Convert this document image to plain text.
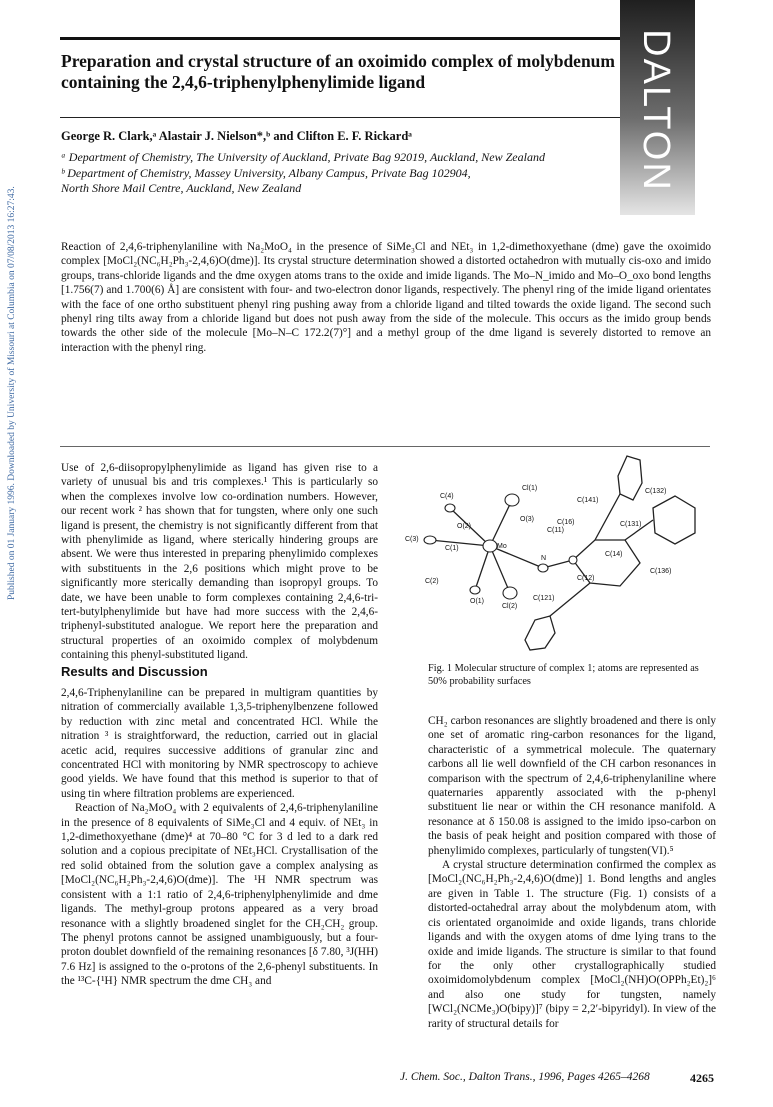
Published on 01 January 1996. Downloaded by University of Missouri at Columbia on 07/08/2013 16:27:43.
DALTON
Preparation and crystal structure of an oxoimido complex of molybdenum containing the 2,4,6-triphenylphenylimide ligand
George R. Clark,ᵃ Alastair J. Nielson*,ᵇ and Clifton E. F. Rickardᵃ
ᵃ Department of Chemistry, The University of Auckland, Private Bag 92019, Auckland, New Zealand
ᵇ Department of Chemistry, Massey University, Albany Campus, Private Bag 102904,
North Shore Mail Centre, Auckland, New Zealand
Reaction of 2,4,6-triphenylaniline with Na₂MoO₄ in the presence of SiMe₃Cl and NEt₃ in 1,2-dimethoxyethane (dme) gave the oxoimido complex [MoCl₂(NC₆H₂Ph₃-2,4,6)O(dme)]. Its crystal structure determination showed a distorted octahedron with mutually cis-oxo and imido groups, trans-chloride ligands and the dme oxygen atoms trans to the oxide and imide ligands. The Mo–N_imido and Mo–O_oxo bond lengths [1.756(7) and 1.700(6) Å] are consistent with four- and two-electron donor ligands, respectively. The phenyl ring of the imide ligand orientates with the face of one ortho substituent phenyl ring pushing away from a chloride ligand and tilted towards the oxide ligand. The second such phenyl ring tilts away from a chloride ligand but does not push away from the side of the molecule. This occurs as the imido group bends towards the other side of the molecule [Mo–N–C 172.2(7)°] and a methyl group of the dme ligand is severely distorted to remove an interaction with the phenyl ring.

Use of 2,6-diisopropylphenylimide as ligand has given rise to a variety of unusual bis and tris complexes.¹ This is particularly so when the complexes involve low co-ordination numbers. However, our recent work ² has shown that for tungsten, where only one such ligand is present, the chemistry is not significantly different from that with phenylimide as ligand, where sterically hindering groups are absent. We were thus interested in preparing phenylimido complexes with substituents in the 2,6 positions which might prove to be significantly more sterically demanding than isopropyl groups. To date, we have been unable to form complexes containing 2,4,6-tri-tert-butylphenylimide but have had more success with the 2,4,6-triphenyl-substituted analogue. We report here the preparation and structural properties of an oxoimido complex of molybdenum containing this phenyl-substituted ligand.

Results and Discussion

2,4,6-Triphenylaniline can be prepared in multigram quantities by nitration of commercially available 1,3,5-triphenylbenzene followed by reduction with zinc metal and concentrated HCl. While the nitration ³ is straightforward, the reduction, carried out in glacial acetic acid, requires successive additions of granular zinc and concentrated HCl with monitoring by NMR spectroscopy to achieve good yields. We have found that this method is superior to that of using tin where filtration problems are experienced.

Reaction of Na₂MoO₄ with 2 equivalents of 2,4,6-triphenylaniline in the presence of 8 equivalents of SiMe₃Cl and 4 equiv. of NEt₃ in 1,2-dimethoxyethane (dme)⁴ at 70–80 °C for 3 d led to a dark red solution and a copious precipitate of NEt₃HCl. Crystallisation of the red solid obtained from the solution gave a complex analysing as [MoCl₂(NC₆H₂Ph₃-2,4,6)O(dme)]. The ¹H NMR spectrum was consistent with a 1:1 ratio of 2,4,6-triphenylphenylimide and dme ligands. The methyl-group protons appeared as a very broad resonance with a slightly broadened singlet for the CH₂CH₂ group. The phenyl protons cannot be assigned unambiguously, but a four-proton doublet downfield of the remaining resonances [δ 7.80, ³J(HH) 7.6 Hz] is assigned to the o-protons of the 2,6-phenyl substituents. In the ¹³C-{¹H} NMR spectrum the dme CH₃ and

C(4)
Cl(1)
O(2)
O(3)
C(3)
C(1)	Mo
N
O(1)
C(2)
Cl(2)
C(16)
C(11)
C(141)
C(132)
C(131)
C(14)
C(12)
C(136)
C(121)
Fig. 1 Molecular structure of complex 1; atoms are represented as 50% probability surfaces

CH₂ carbon resonances are slightly broadened and there is only one set of aromatic ring-carbon resonances for the ligand, characteristic of a symmetrical molecule. The quaternary carbons all lie well downfield of the CH carbon resonances in comparison with the spectrum of 2,4,6-triphenylaniline where quaternaries apparently associated with the p-phenyl substituent lie near or within the CH resonance manifold. A resonance at δ 150.08 is assigned to the imido ipso-carbon on the basis of peak height and position compared with those of phenylimido complexes, particularly of tungsten(VI).⁵

A crystal structure determination confirmed the complex as [MoCl₂(NC₆H₂Ph₃-2,4,6)O(dme)] 1. Bond lengths and angles are given in Table 1. The structure (Fig. 1) consists of a distorted-octahedral array about the molybdenum atom, with cis orientated organoimide and oxide ligands, trans chloride ligands and with the oxygen atoms of dme lying trans to the oxide and imide ligands. The structure is similar to that found for the only other crystallographically studied oxoimidomolybdenum complex [MoCl₂(NH)O(OPPh₂Et)₂]⁶ and also one study for tungsten, namely [WCl₂(NCMe₃)O(bipy)]⁷ (bipy = 2,2′-bipyridyl). In view of the rarity of structural details for

J. Chem. Soc., Dalton Trans., 1996, Pages 4265–4268	4265
